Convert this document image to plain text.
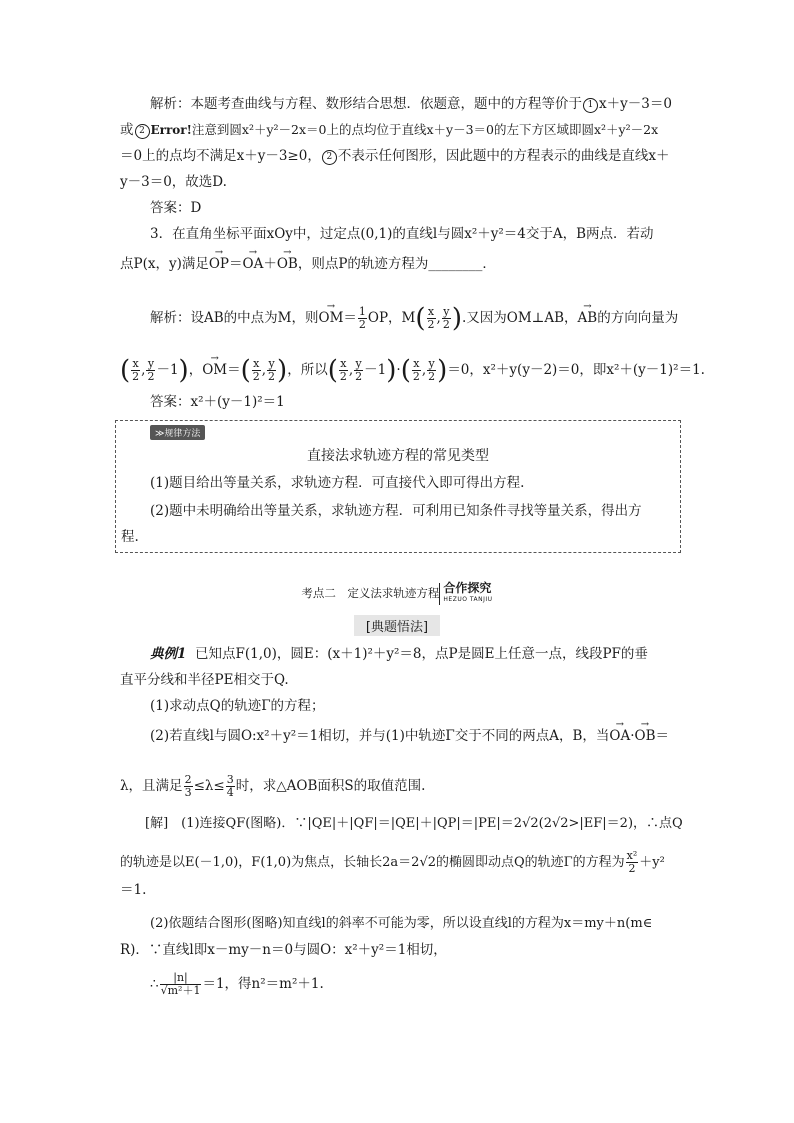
解析：本题考查曲线与方程、数形结合思想．依题意，题中的方程等价于 1 x＋y－3＝0
或 2 Error!注意到圆x²＋y²－2x＝0上的点均位于直线x＋y－3＝0的左下方区域即圆x²＋y²－2x
＝0上的点均不满足x＋y－3≥0， 2 不表示任何图形，因此题中的方程表示的曲线是直线x＋
y－3＝0，故选D.
答案：D
3．在直角坐标平面xOy中，过定点(0,1)的直线l与圆x²＋y²＝4交于A，B两点．若动
点P(x，y)满足→ OP＝→ OA＋→ OB，则点P的轨迹方程为________．
解析：设AB的中点为M，则→ $OM= \frac{1}{2}$ OP，$M( \frac{x}{2}$ , $\frac{y}{2}$ ).又因为OM⊥AB，→ AB的方向向量为
( $\frac{x}{2}$ , $\frac{y}{2} -1$)，→ $OM=( \frac{x}{2}$ , $\frac{y}{2}$ )，所以( $\frac{x}{2}$ , $\frac{y}{2} -1)\cdot( \frac{x}{2}$ , $\frac{y}{2} )=0$，x²＋y(y－2)＝0，即x²＋(y－1)²＝1.
答案：x²＋(y－1)²＝1
≫规律方法
直接法求轨迹方程的常见类型
(1)题目给出等量关系，求轨迹方程．可直接代入即可得出方程.
(2)题中未明确给出等量关系，求轨迹方程．可利用已知条件寻找等量关系，得出方
程.
考点二　定义法求轨迹方程 合作探究
HEZUO TANJIU
[典题悟法]
典例1 已知点F(1,0)，圆E：(x＋1)²＋y²＝8，点P是圆E上任意一点，线段PF的垂
直平分线和半径PE相交于Q.
(1)求动点Q的轨迹Γ的方程；
(2)若直线l与圆O:x²＋y²＝1相切，并与(1)中轨迹Γ交于不同的两点A，B，当→ OA·→ OB＝
λ，且满足 $\frac{2}{3} \le\lambda\le \frac{3}{4}$ 时，求△AOB面积S的取值范围.
[解]　(1)连接QF(图略)．∵|QE|＋|QF|＝|QE|＋|QP|＝|PE|＝2√2(2√2>|EF|＝2)，∴点Q
的轨迹是以E(－1,0)，F(1,0)为焦点，长轴长2a＝2√2的椭圆即动点Q的轨迹Γ的方程为 $\frac{\text{x²}}{2} +y^2$
＝1.
(2)依题结合图形(图略)知直线l的斜率不可能为零，所以设直线l的方程为x＝my＋n(m∈
R)．∵直线l即x－my－n＝0与圆O：x²＋y²＝1相切，
∴ $\frac{|n|}{\text{√m²＋1}} =1$，得n²＝m²＋1.
